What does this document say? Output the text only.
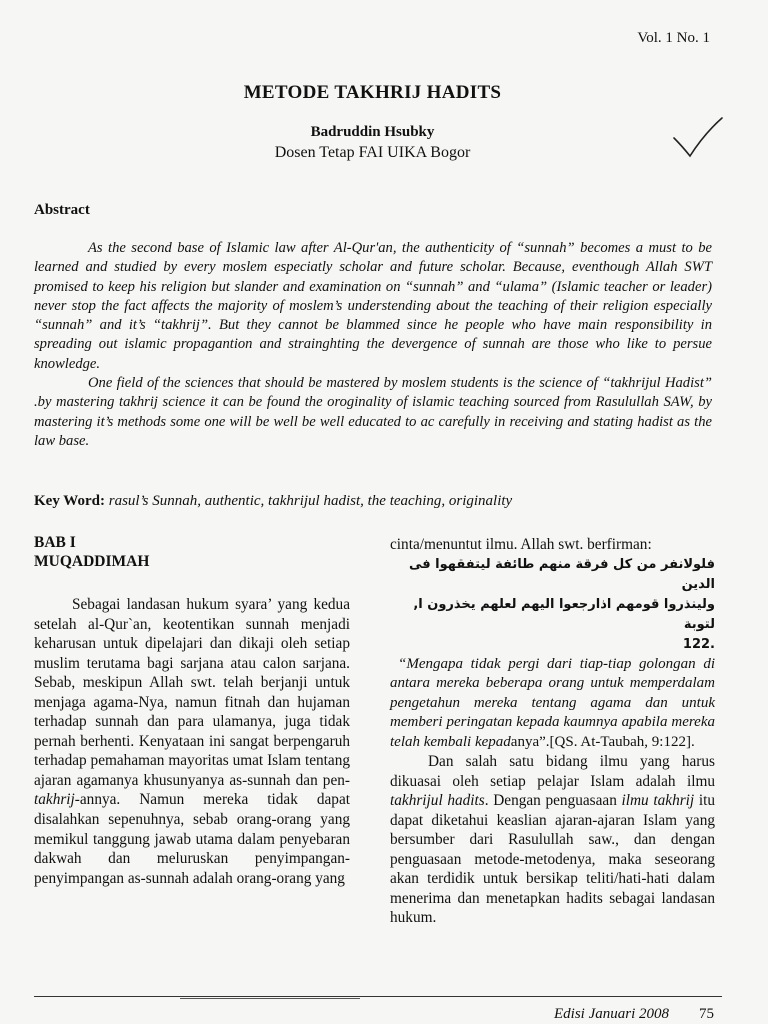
Vol. 1 No. 1
METODE TAKHRIJ HADITS
Badruddin Hsubky
Dosen Tetap FAI UIKA Bogor
Abstract

As the second base of Islamic law after Al-Qur'an, the authenticity of “sunnah” becomes a must to be learned and studied by every moslem especiatly scholar and future scholar. Because, eventhough Allah SWT promised to keep his religion but slander and examination on “sunnah” and “ulama” (Islamic teacher or leader) never stop the fact affects the majority of moslem’s understending about the teaching of their religion especially “sunnah” and it’s “takhrij”. But they cannot be blammed since he people who have main responsibility in spreading out islamic propagantion and strainghting the devergence of sunnah are those who like to persue knowledge.

One field of the sciences that should be mastered by moslem students is the science of “takhrijul Hadist” .by mastering takhrij science it can be found the oroginality of islamic teaching sourced from Rasulullah SAW, by mastering it’s methods some one will be well be well educated to ac carefully in receiving and stating hadist as the law base.

Key Word: rasul’s Sunnah, authentic, takhrijul hadist, the teaching, originality

BAB I

MUQADDIMAH

Sebagai landasan hukum syara’ yang kedua setelah al-Qur`an, keotentikan sunnah menjadi keharusan untuk dipelajari dan dikaji oleh setiap muslim terutama bagi sarjana atau calon sarjana. Sebab, meskipun Allah swt. telah berjanji untuk menjaga agama-Nya, namun fitnah dan hujaman terhadap sunnah dan para ulamanya, juga tidak pernah berhenti. Kenyataan ini sangat berpengaruh terhadap pemahaman mayoritas umat Islam tentang ajaran agamanya khusunyanya as-sunnah dan pen-takhrij-annya. Namun mereka tidak dapat disalahkan sepenuhnya, sebab orang-orang yang memikul tanggung jawab utama dalam penyebaran dakwah dan meluruskan penyimpangan-penyimpangan as-sunnah adalah orang-orang yang

cinta/menuntut ilmu. Allah swt. berfirman:

فلولانفر من كل فرقة منهم طائفة ليتفقهوا فى الدين

ولينذروا قومهم اذارجعوا اليهم لعلهم يخذرون ا, لتوبة

.122

“Mengapa tidak pergi dari tiap-tiap golongan di antara mereka beberapa orang untuk memperdalam pengetahun mereka tentang agama dan untuk memberi peringatan kepada kaumnya apabila mereka telah kembali kepadanya”.[QS. At-Taubah, 9:122].

Dan salah satu bidang ilmu yang harus dikuasai oleh setiap pelajar Islam adalah ilmu takhrijul hadits. Dengan penguasaan ilmu takhrij itu dapat diketahui keaslian ajaran-ajaran Islam yang bersumber dari Rasulullah saw., dan dengan penguasaan metode-metodenya, maka seseorang akan terdidik untuk bersikap teliti/hati-hati dalam menerima dan menetapkan hadits sebagai landasan hukum.

Edisi Januari 2008 75
